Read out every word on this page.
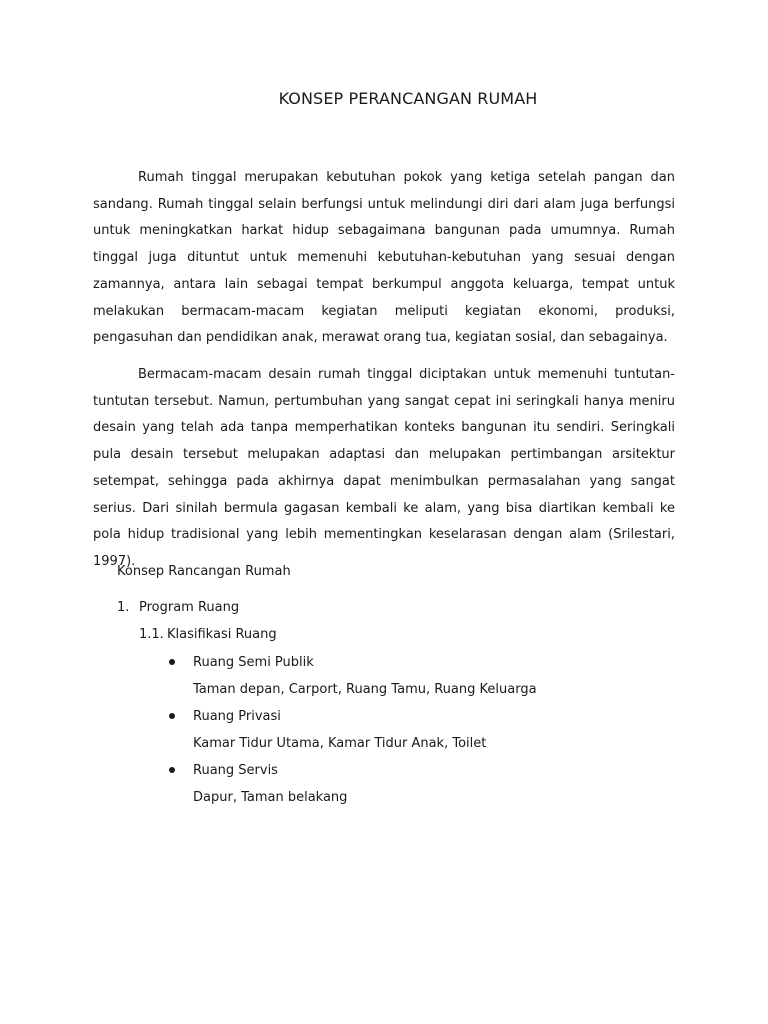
KONSEP PERANCANGAN RUMAH

Rumah tinggal merupakan kebutuhan pokok yang ketiga setelah pangan dan sandang. Rumah tinggal selain berfungsi untuk melindungi diri dari alam juga berfungsi untuk meningkatkan harkat hidup sebagaimana bangunan pada umumnya. Rumah tinggal juga dituntut untuk memenuhi kebutuhan-kebutuhan yang sesuai dengan zamannya, antara lain sebagai tempat berkumpul anggota keluarga, tempat untuk melakukan bermacam-macam kegiatan meliputi kegiatan ekonomi, produksi, pengasuhan dan pendidikan anak, merawat orang tua, kegiatan sosial, dan sebagainya.

Bermacam-macam desain rumah tinggal diciptakan untuk memenuhi tuntutan-tuntutan tersebut. Namun, pertumbuhan yang sangat cepat ini seringkali hanya meniru desain yang telah ada tanpa memperhatikan konteks bangunan itu sendiri. Seringkali pula desain tersebut melupakan adaptasi dan melupakan pertimbangan arsitektur setempat, sehingga pada akhirnya dapat menimbulkan permasalahan yang sangat serius. Dari sinilah bermula gagasan kembali ke alam, yang bisa diartikan kembali ke pola hidup tradisional yang lebih mementingkan keselarasan dengan alam (Srilestari, 1997).

Konsep Rancangan Rumah

1. Program Ruang
1.1. Klasifikasi Ruang
Ruang Semi Publik
Taman depan, Carport, Ruang Tamu, Ruang Keluarga
Ruang Privasi
Kamar Tidur Utama, Kamar Tidur Anak, Toilet
Ruang Servis
Dapur, Taman belakang
